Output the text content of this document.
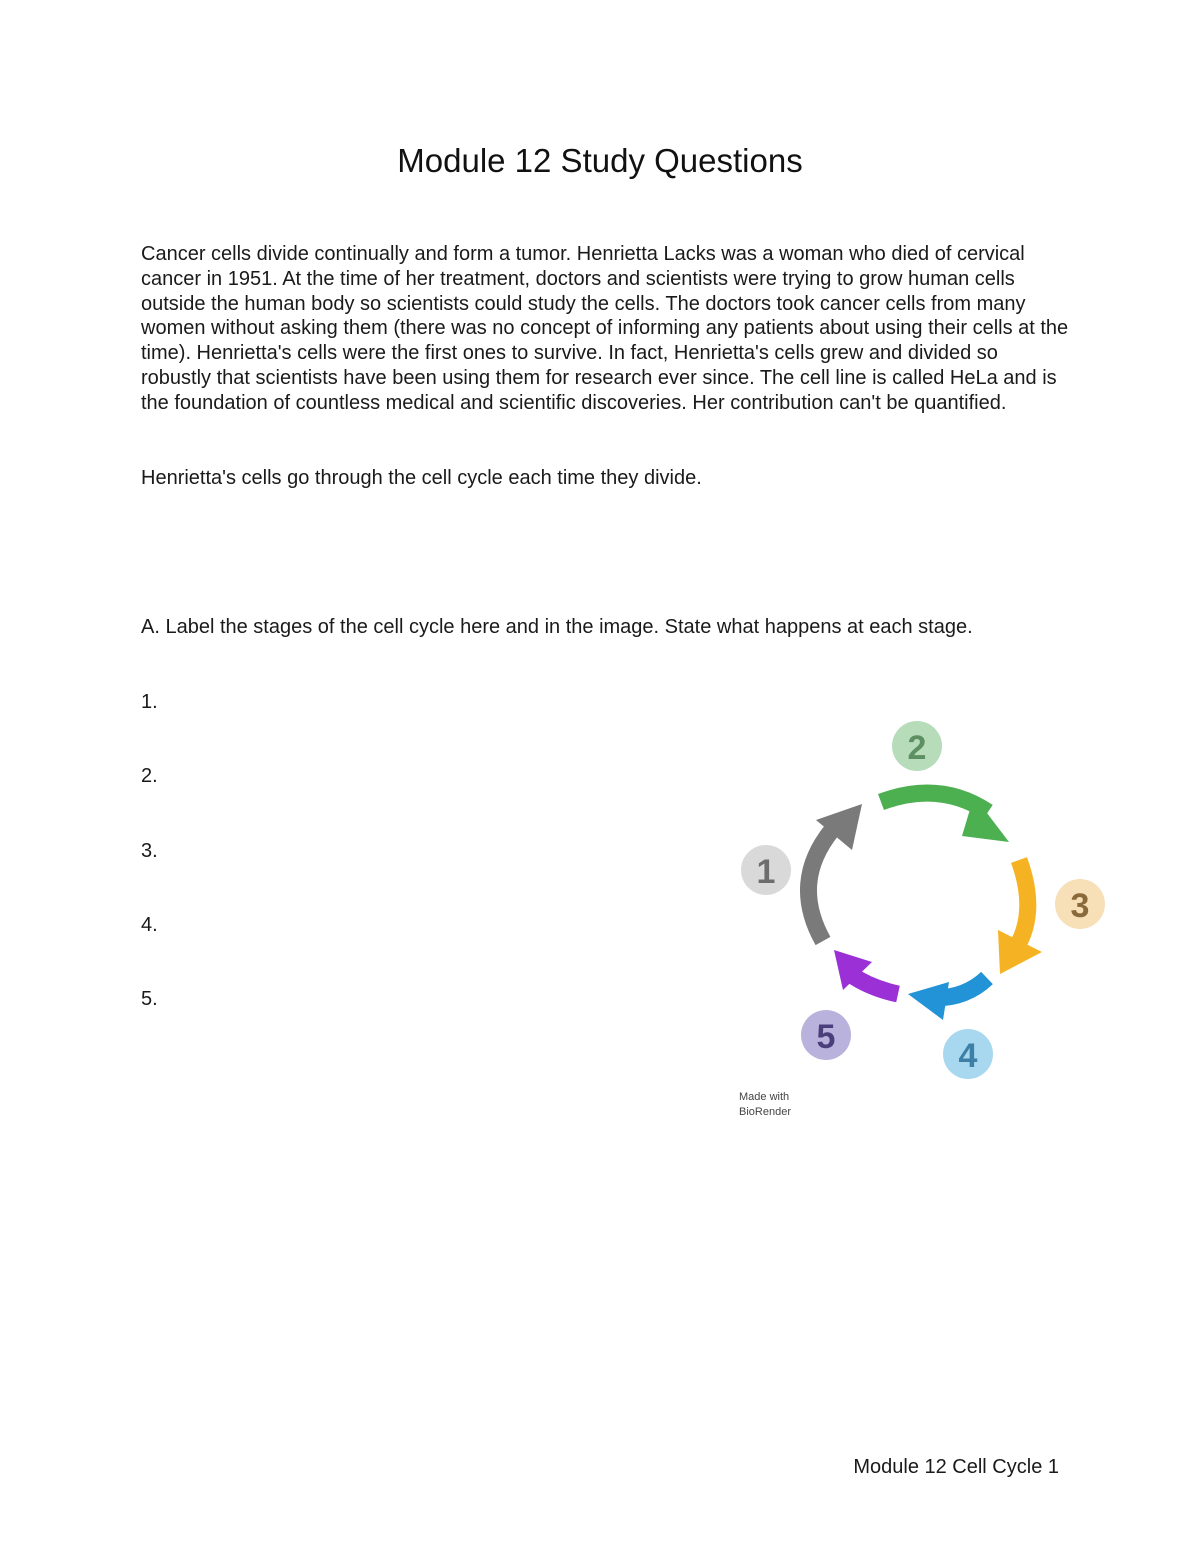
Module 12 Study Questions

Cancer cells divide continually and form a tumor. Henrietta Lacks was a woman who died of cervical cancer in 1951. At the time of her treatment, doctors and scientists were trying to grow human cells outside the human body so scientists could study the cells. The doctors took cancer cells from many women without asking them (there was no concept of informing any patients about using their cells at the time). Henrietta's cells were the first ones to survive. In fact, Henrietta's cells grew and divided so robustly that scientists have been using them for research ever since. The cell line is called HeLa and is the foundation of countless medical and scientific discoveries. Her contribution can't be quantified.

Henrietta's cells go through the cell cycle each time they divide.

A. Label the stages of the cell cycle here and in the image. State what happens at each stage.

1.
2.
3.
4.
5.
1
2
3
4
5
Made with
BioRender
Module 12 Cell Cycle 1
